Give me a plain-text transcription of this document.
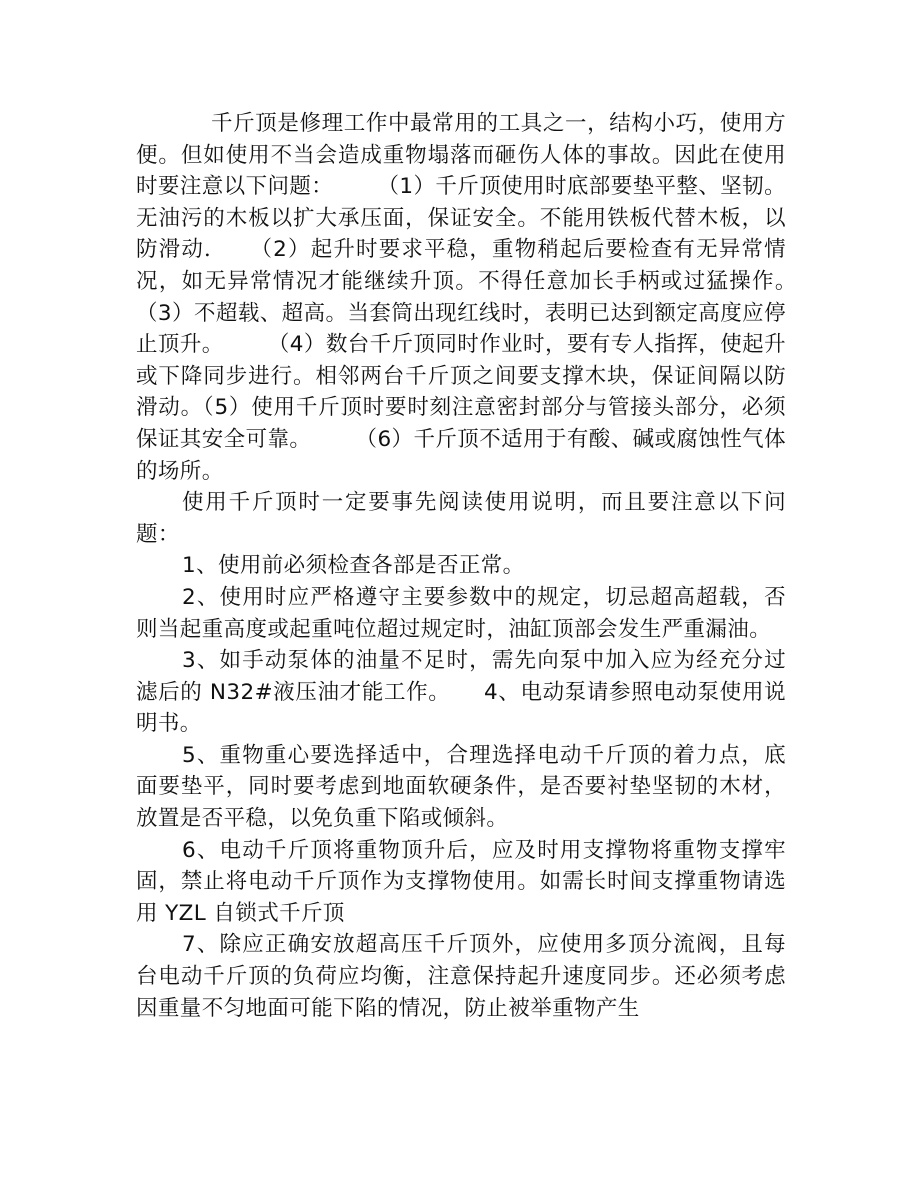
千斤顶是修理工作中最常用的工具之一，结构小巧，使用方便。但如使用不当会造成重物塌落而砸伤人体的事故。因此在使用时要注意以下问题：　　　（1）千斤顶使用时底部要垫平整、坚韧。无油污的木板以扩大承压面，保证安全。不能用铁板代替木板，以防滑动．　　（2）起升时要求平稳，重物稍起后要检查有无异常情况，如无异常情况才能继续升顶。不得任意加长手柄或过猛操作。　　（3）不超载、超高。当套筒出现红线时，表明已达到额定高度应停止顶升。　　　（4）数台千斤顶同时作业时，要有专人指挥，使起升或下降同步进行。相邻两台千斤顶之间要支撑木块，保证间隔以防滑动。（5）使用千斤顶时要时刻注意密封部分与管接头部分，必须保证其安全可靠。　　　（6）千斤顶不适用于有酸、碱或腐蚀性气体的场所。

使用千斤顶时一定要事先阅读使用说明，而且要注意以下问题：

1、使用前必须检查各部是否正常。

2、使用时应严格遵守主要参数中的规定，切忌超高超载，否则当起重高度或起重吨位超过规定时，油缸顶部会发生严重漏油。

3、如手动泵体的油量不足时，需先向泵中加入应为经充分过滤后的 N32#液压油才能工作。　　4、电动泵请参照电动泵使用说明书。

5、重物重心要选择适中，合理选择电动千斤顶的着力点，底面要垫平，同时要考虑到地面软硬条件，是否要衬垫坚韧的木材，放置是否平稳，以免负重下陷或倾斜。

6、电动千斤顶将重物顶升后，应及时用支撑物将重物支撑牢固，禁止将电动千斤顶作为支撑物使用。如需长时间支撑重物请选用 YZL 自锁式千斤顶

7、除应正确安放超高压千斤顶外，应使用多顶分流阀，且每台电动千斤顶的负荷应均衡，注意保持起升速度同步。还必须考虑因重量不匀地面可能下陷的情况，防止被举重物产生
